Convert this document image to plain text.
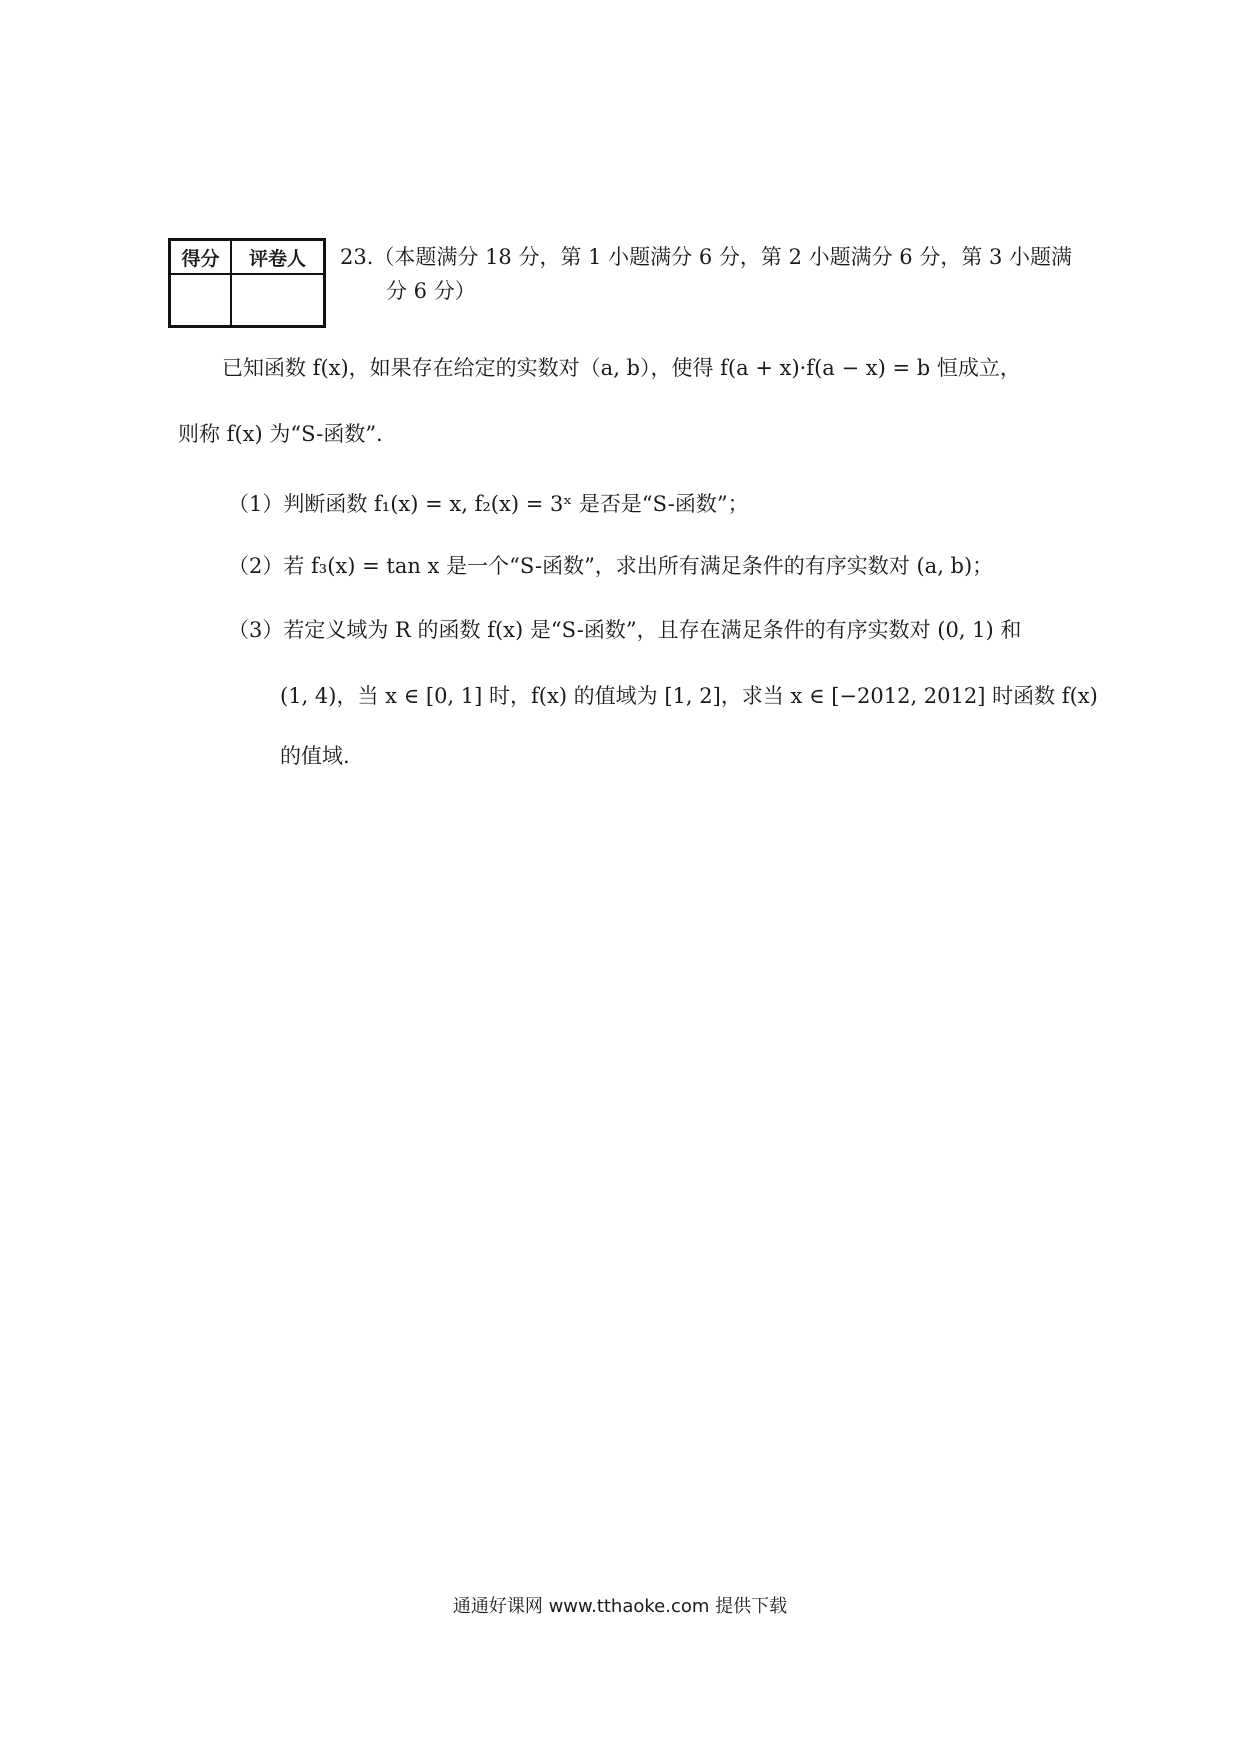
得分	评卷人
	23.（本题满分 18 分，第 1 小题满分 6 分，第 2 小题满分 6 分，第 3 小题满
分 6 分）
已知函数 f(x)，如果存在给定的实数对（a, b），使得 f(a + x)·f(a − x) = b 恒成立，
则称 f(x) 为“S-函数”．
（1）判断函数 f₁(x) = x, f₂(x) = 3ˣ 是否是“S-函数”；
（2）若 f₃(x) = tan x 是一个“S-函数”，求出所有满足条件的有序实数对 (a, b)；
（3）若定义域为 R 的函数 f(x) 是“S-函数”，且存在满足条件的有序实数对 (0, 1) 和
(1, 4)，当 x ∈ [0, 1] 时，f(x) 的值域为 [1, 2]，求当 x ∈ [−2012, 2012] 时函数 f(x)
的值域.
通通好课网 www.tthaoke.com 提供下载
